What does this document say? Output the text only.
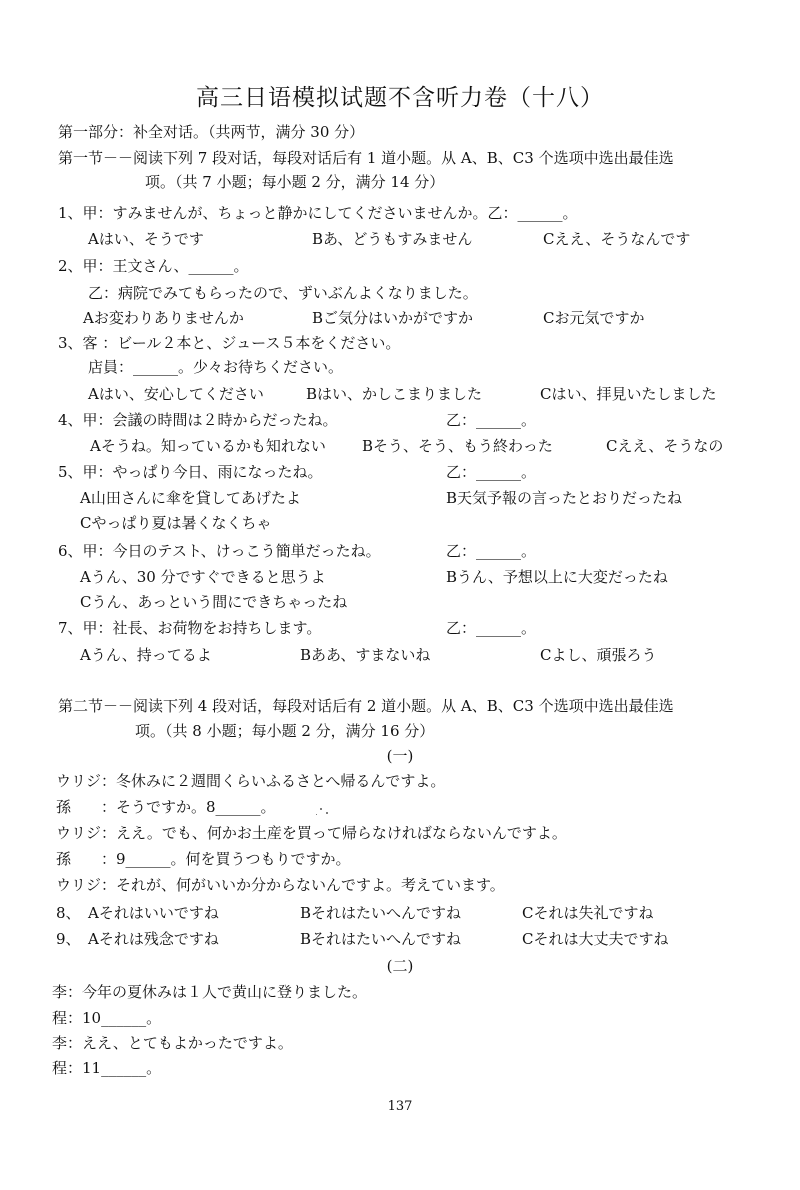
高三日语模拟试题不含听力卷（十八）
第一部分：补全对话。（共两节，满分 30 分）
第一节－－阅读下列 7 段对话，每段对话后有 1 道小题。从 A、B、C3 个选项中选出最佳选
项。（共 7 小题；每小题 2 分，满分 14 分）
1、甲：すみませんが、ちょっと静かにしてくださいませんか。乙：______。
Aはい、そうです	Bあ、どうもすみません	Cええ、そうなんです
2、甲：王文さん、______。
乙：病院でみてもらったので、ずいぶんよくなりました。
Aお変わりありませんか	Bご気分はいかがですか	Cお元気ですか
3、客 ：ビール２本と、ジュース５本をください。
店員：______。少々お待ちください。
Aはい、安心してください	Bはい、かしこまりました	Cはい、拝見いたしました
4、甲：会議の時間は２時からだったね。	乙：______。
Aそうね。知っているかも知れない Bそう、そう、もう終わった	Cええ、そうなの
5、甲：やっぱり今日、雨になったね。	乙：______。
A山田さんに傘を貸してあげたよ	B天気予報の言ったとおりだったね
Cやっぱり夏は暑くなくちゃ
6、甲：今日のテスト、けっこう簡単だったね。	乙：______。
Aうん、30 分ですぐできると思うよ	Bうん、予想以上に大変だったね
Cうん、あっという間にできちゃったね
7、甲：社長、お荷物をお持ちします。	乙：______。
Aうん、持ってるよ	Bああ、すまないね	Cよし、頑張ろう
第二节－－阅读下列 4 段对话，每段对话后有 2 道小题。从 A、B、C3 个选项中选出最佳选
项。（共 8 小题；每小题 2 分，满分 16 分）
(一)
ウリジ：冬休みに２週間くらいふるさとへ帰るんですよ。
孫　　：そうですか。8______。
ウリジ：ええ。でも、何かお土産を買って帰らなければならないんですよ。
孫　　：9______。何を買うつもりですか。
ウリジ：それが、何がいいか分からないんですよ。考えています。
8、 Aそれはいいですね	Bそれはたいへんですね	Cそれは失礼ですね
9、 Aそれは残念ですね	Bそれはたいへんですね	Cそれは大丈夫ですね
(二)
李：今年の夏休みは１人で黄山に登りました。
程：10______。
李：ええ、とてもよかったですよ。
程：11______。
137
